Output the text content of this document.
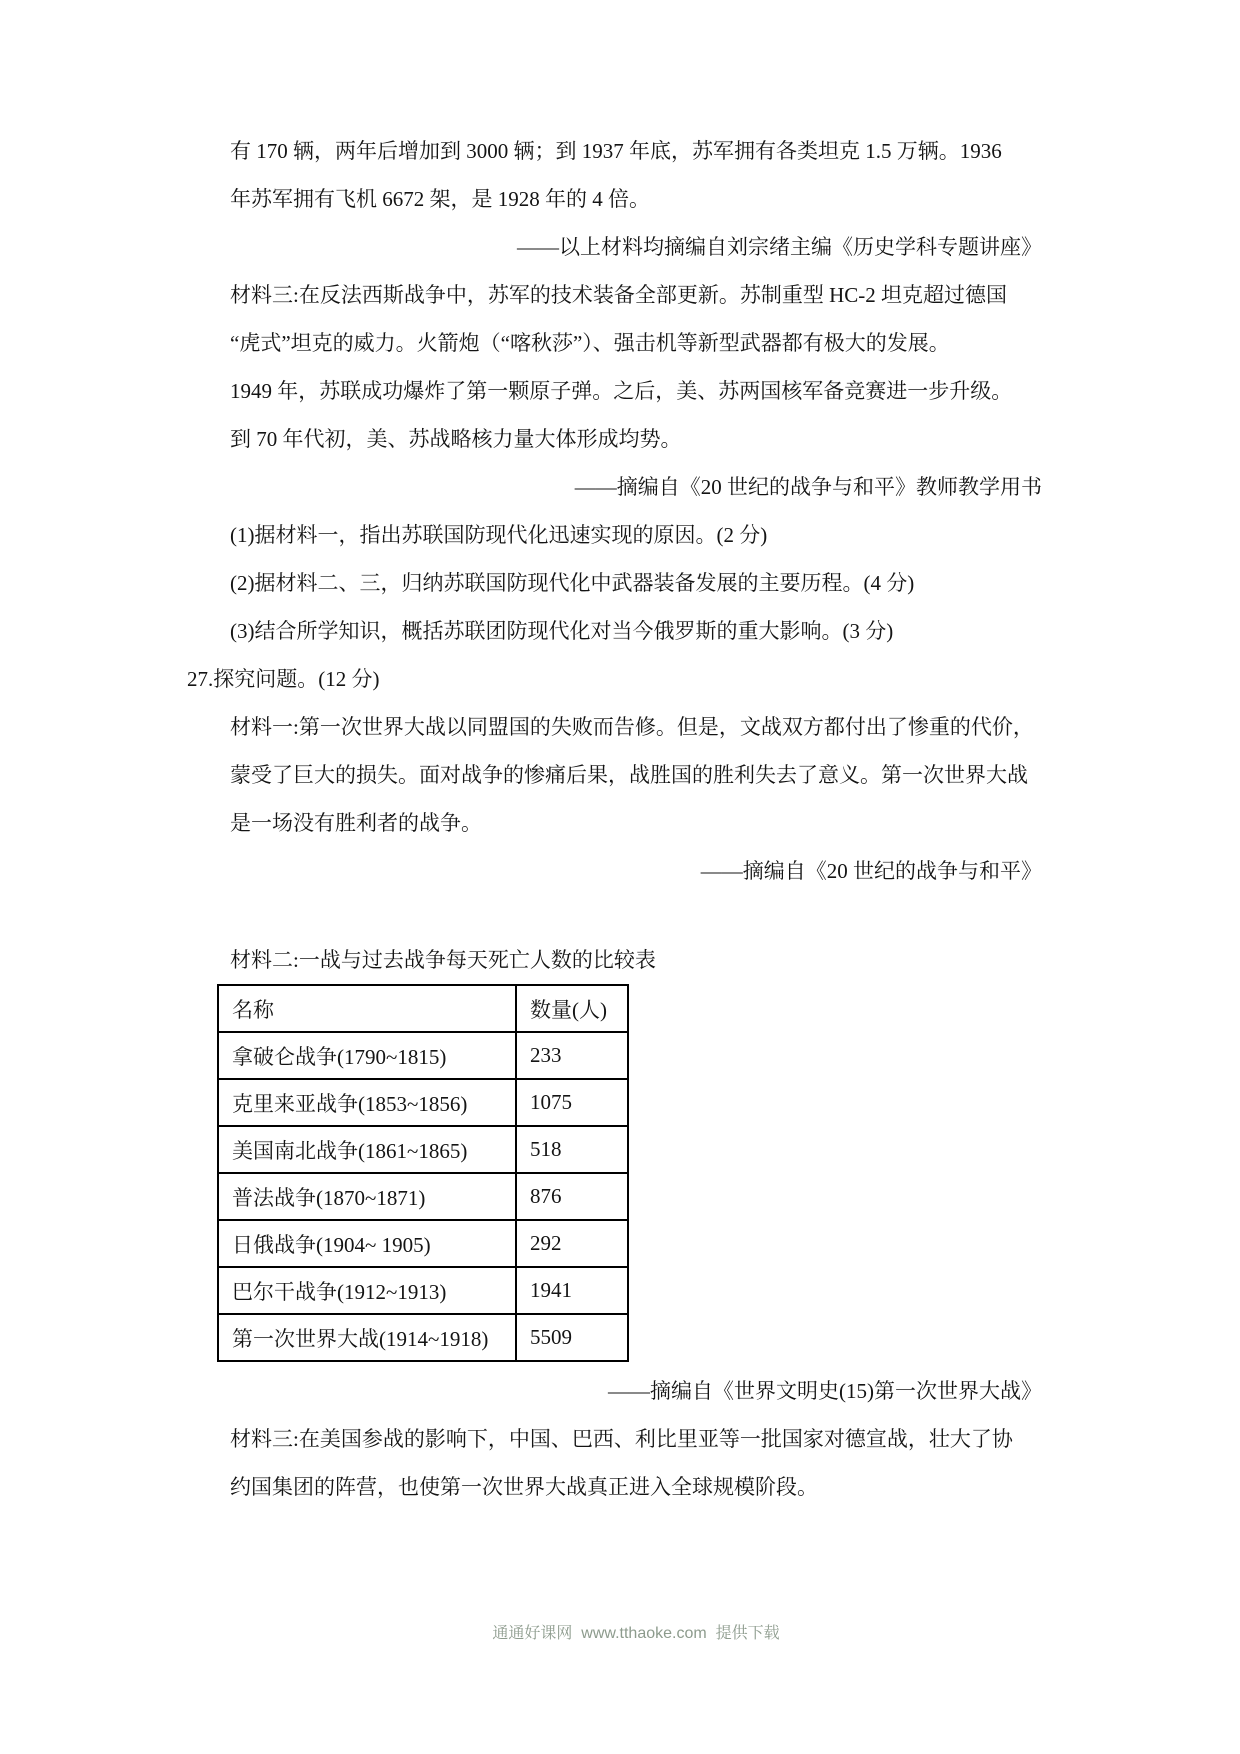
有 170 辆，两年后增加到 3000 辆；到 1937 年底，苏军拥有各类坦克 1.5 万辆。1936
年苏军拥有飞机 6672 架，是 1928 年的 4 倍。
——以上材料均摘编自刘宗绪主编《历史学科专题讲座》
材料三:在反法西斯战争中，苏军的技术装备全部更新。苏制重型 HC-2 坦克超过德国
“虎式”坦克的威力。火箭炮（“喀秋莎”）、强击机等新型武器都有极大的发展。
1949 年，苏联成功爆炸了第一颗原子弹。之后，美、苏两国核军备竞赛进一步升级。
到 70 年代初，美、苏战略核力量大体形成均势。
——摘编自《20 世纪的战争与和平》教师教学用书
(1)据材料一，指出苏联国防现代化迅速实现的原因。(2 分)
(2)据材料二、三，归纳苏联国防现代化中武器装备发展的主要历程。(4 分)
(3)结合所学知识，概括苏联团防现代化对当今俄罗斯的重大影响。(3 分)
27.探究问题。(12 分)
材料一:第一次世界大战以同盟国的失败而告修。但是，文战双方都付出了惨重的代价，
蒙受了巨大的损失。面对战争的惨痛后果，战胜国的胜利失去了意义。第一次世界大战
是一场没有胜利者的战争。
——摘编自《20 世纪的战争与和平》
材料二:一战与过去战争每天死亡人数的比较表
名称	数量(人)
拿破仑战争(1790~1815)	233
克里来亚战争(1853~1856)	1075
美国南北战争(1861~1865)	518
普法战争(1870~1871)	876
日俄战争(1904~ 1905)	292
巴尔干战争(1912~1913)	1941
第一次世界大战(1914~1918)	5509
——摘编自《世界文明史(15)第一次世界大战》
材料三:在美国参战的影响下，中国、巴西、利比里亚等一批国家对德宣战，壮大了协
约国集团的阵营，也使第一次世界大战真正进入全球规模阶段。
通通好课网  www.tthaoke.com  提供下载
